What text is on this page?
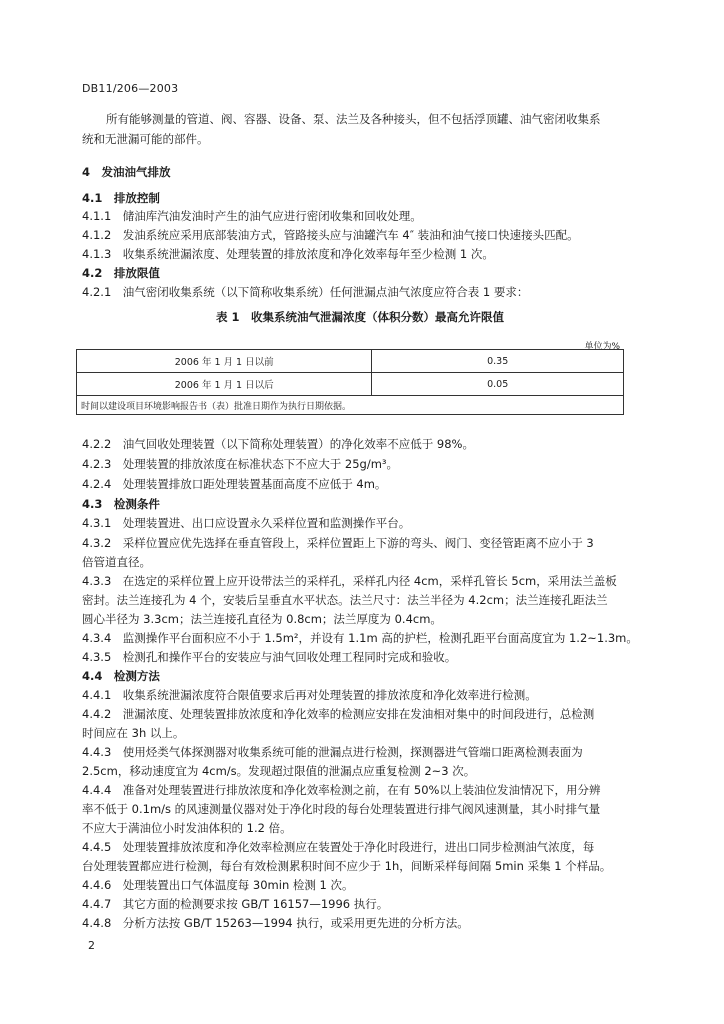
DB11/206—2003
所有能够测量的管道、阀、容器、设备、泵、法兰及各种接头，但不包括浮顶罐、油气密闭收集系
统和无泄漏可能的部件。
4　发油油气排放
4.1　排放控制
4.1.1　储油库汽油发油时产生的油气应进行密闭收集和回收处理。
4.1.2　发油系统应采用底部装油方式，管路接头应与油罐汽车 4″ 装油和油气接口快速接头匹配。
4.1.3　收集系统泄漏浓度、处理装置的排放浓度和净化效率每年至少检测 1 次。
4.2　排放限值
4.2.1　油气密闭收集系统（以下简称收集系统）任何泄漏点油气浓度应符合表 1 要求：
表 1　收集系统油气泄漏浓度（体积分数）最高允许限值
单位为%
2006 年 1 月 1 日以前	0.35
2006 年 1 月 1 日以后	0.05
时间以建设项目环境影响报告书（表）批准日期作为执行日期依据。	
4.2.2　油气回收处理装置（以下简称处理装置）的净化效率不应低于 98%。
4.2.3　处理装置的排放浓度在标准状态下不应大于 25g/m³。
4.2.4　处理装置排放口距处理装置基面高度不应低于 4m。
4.3　检测条件
4.3.1　处理装置进、出口应设置永久采样位置和监测操作平台。
4.3.2　采样位置应优先选择在垂直管段上，采样位置距上下游的弯头、阀门、变径管距离不应小于 3
倍管道直径。
4.3.3　在选定的采样位置上应开设带法兰的采样孔，采样孔内径 4cm，采样孔管长 5cm，采用法兰盖板
密封。法兰连接孔为 4 个，安装后呈垂直水平状态。法兰尺寸：法兰半径为 4.2cm；法兰连接孔距法兰
圆心半径为 3.3cm；法兰连接孔直径为 0.8cm；法兰厚度为 0.4cm。
4.3.4　监测操作平台面积应不小于 1.5m²，并设有 1.1m 高的护栏，检测孔距平台面高度宜为 1.2~1.3m。
4.3.5　检测孔和操作平台的安装应与油气回收处理工程同时完成和验收。
4.4　检测方法
4.4.1　收集系统泄漏浓度符合限值要求后再对处理装置的排放浓度和净化效率进行检测。
4.4.2　泄漏浓度、处理装置排放浓度和净化效率的检测应安排在发油相对集中的时间段进行，总检测
时间应在 3h 以上。
4.4.3　使用烃类气体探测器对收集系统可能的泄漏点进行检测，探测器进气管端口距离检测表面为
2.5cm，移动速度宜为 4cm/s。发现超过限值的泄漏点应重复检测 2~3 次。
4.4.4　准备对处理装置进行排放浓度和净化效率检测之前，在有 50%以上装油位发油情况下，用分辨
率不低于 0.1m/s 的风速测量仪器对处于净化时段的每台处理装置进行排气阀风速测量，其小时排气量
不应大于满油位小时发油体积的 1.2 倍。
4.4.5　处理装置排放浓度和净化效率检测应在装置处于净化时段进行，进出口同步检测油气浓度，每
台处理装置都应进行检测，每台有效检测累积时间不应少于 1h，间断采样每间隔 5min 采集 1 个样品。
4.4.6　处理装置出口气体温度每 30min 检测 1 次。
4.4.7　其它方面的检测要求按 GB/T 16157—1996 执行。
4.4.8　分析方法按 GB/T 15263—1994 执行，或采用更先进的分析方法。
2
